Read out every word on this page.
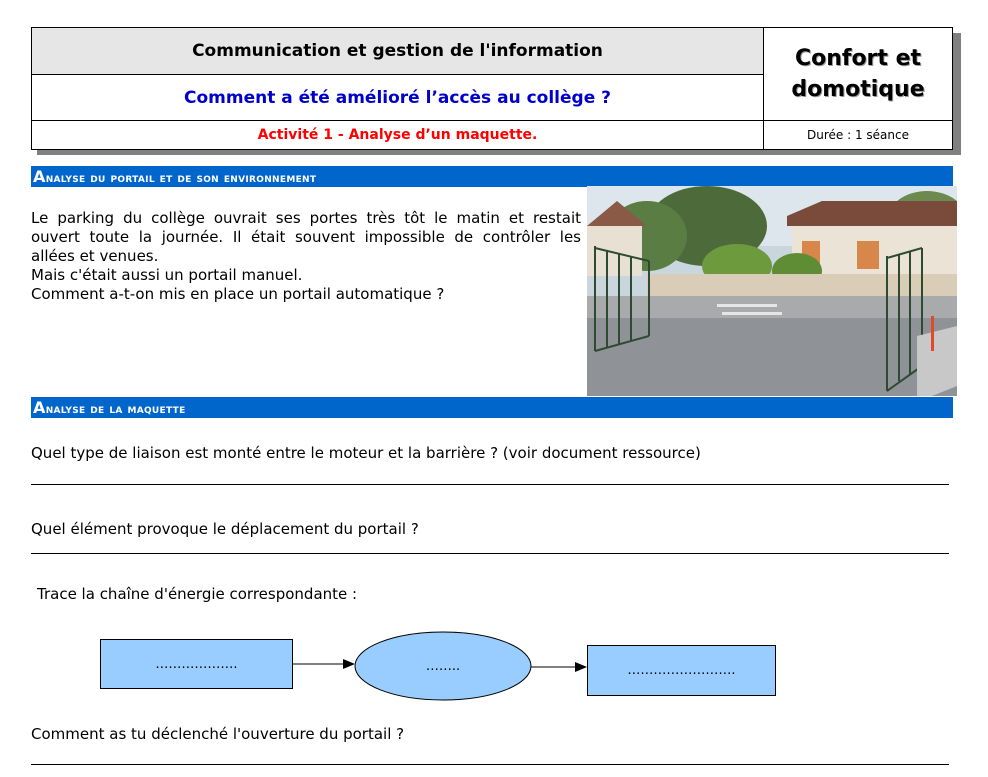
Communication et gestion de l'information
Comment a été amélioré l’accès au collège ?
Activité 1 - Analyse d’un maquette.
Confort et
domotique
Durée : 1 séance
Analyse du portail et de son environnement

Le parking du collège ouvrait ses portes très tôt le matin et restait ouvert toute la journée. Il était souvent impossible de contrôler les allées et venues.

Mais c'était aussi un portail manuel.

Comment a-t-on mis en place un portail automatique ?

Analyse de la maquette
Quel type de liaison est monté entre le moteur et la barrière ? (voir document ressource)
Quel élément provoque le déplacement du portail ?
Trace la chaîne d'énergie correspondante :
……………….	……..	…………………….
Comment as tu déclenché l'ouverture du portail ?
